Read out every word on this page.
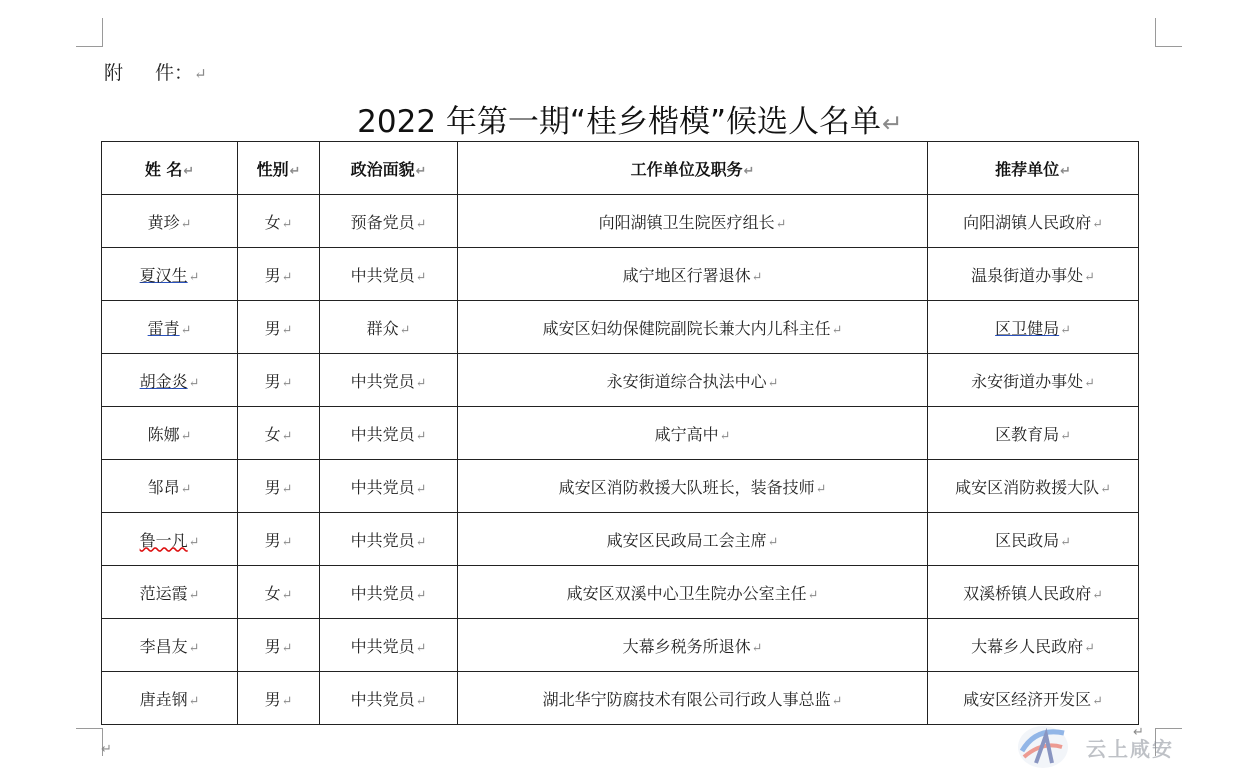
附 件：↵
2022 年第一期“桂乡楷模”候选人名单↵
姓 名↵	性别↵	政治面貌↵	工作单位及职务↵	推荐单位↵
黄珍↵	女↵	预备党员↵	向阳湖镇卫生院医疗组长↵	向阳湖镇人民政府↵
夏汉生↵	男↵	中共党员↵	咸宁地区行署退休↵	温泉街道办事处↵
雷青↵	男↵	群众↵	咸安区妇幼保健院副院长兼大内儿科主任↵	区卫健局↵
胡金炎↵	男↵	中共党员↵	永安街道综合执法中心↵	永安街道办事处↵
陈娜↵	女↵	中共党员↵	咸宁高中↵	区教育局↵
邹昂↵	男↵	中共党员↵	咸安区消防救援大队班长，装备技师↵	咸安区消防救援大队↵
鲁一凡↵	男↵	中共党员↵	咸安区民政局工会主席↵	区民政局↵
范运霞↵	女↵	中共党员↵	咸安区双溪中心卫生院办公室主任↵	双溪桥镇人民政府↵
李昌友↵	男↵	中共党员↵	大幕乡税务所退休↵	大幕乡人民政府↵
唐垚钢↵	男↵	中共党员↵	湖北华宁防腐技术有限公司行政人事总监↵	咸安区经济开发区↵
↵
↵	云上咸安
